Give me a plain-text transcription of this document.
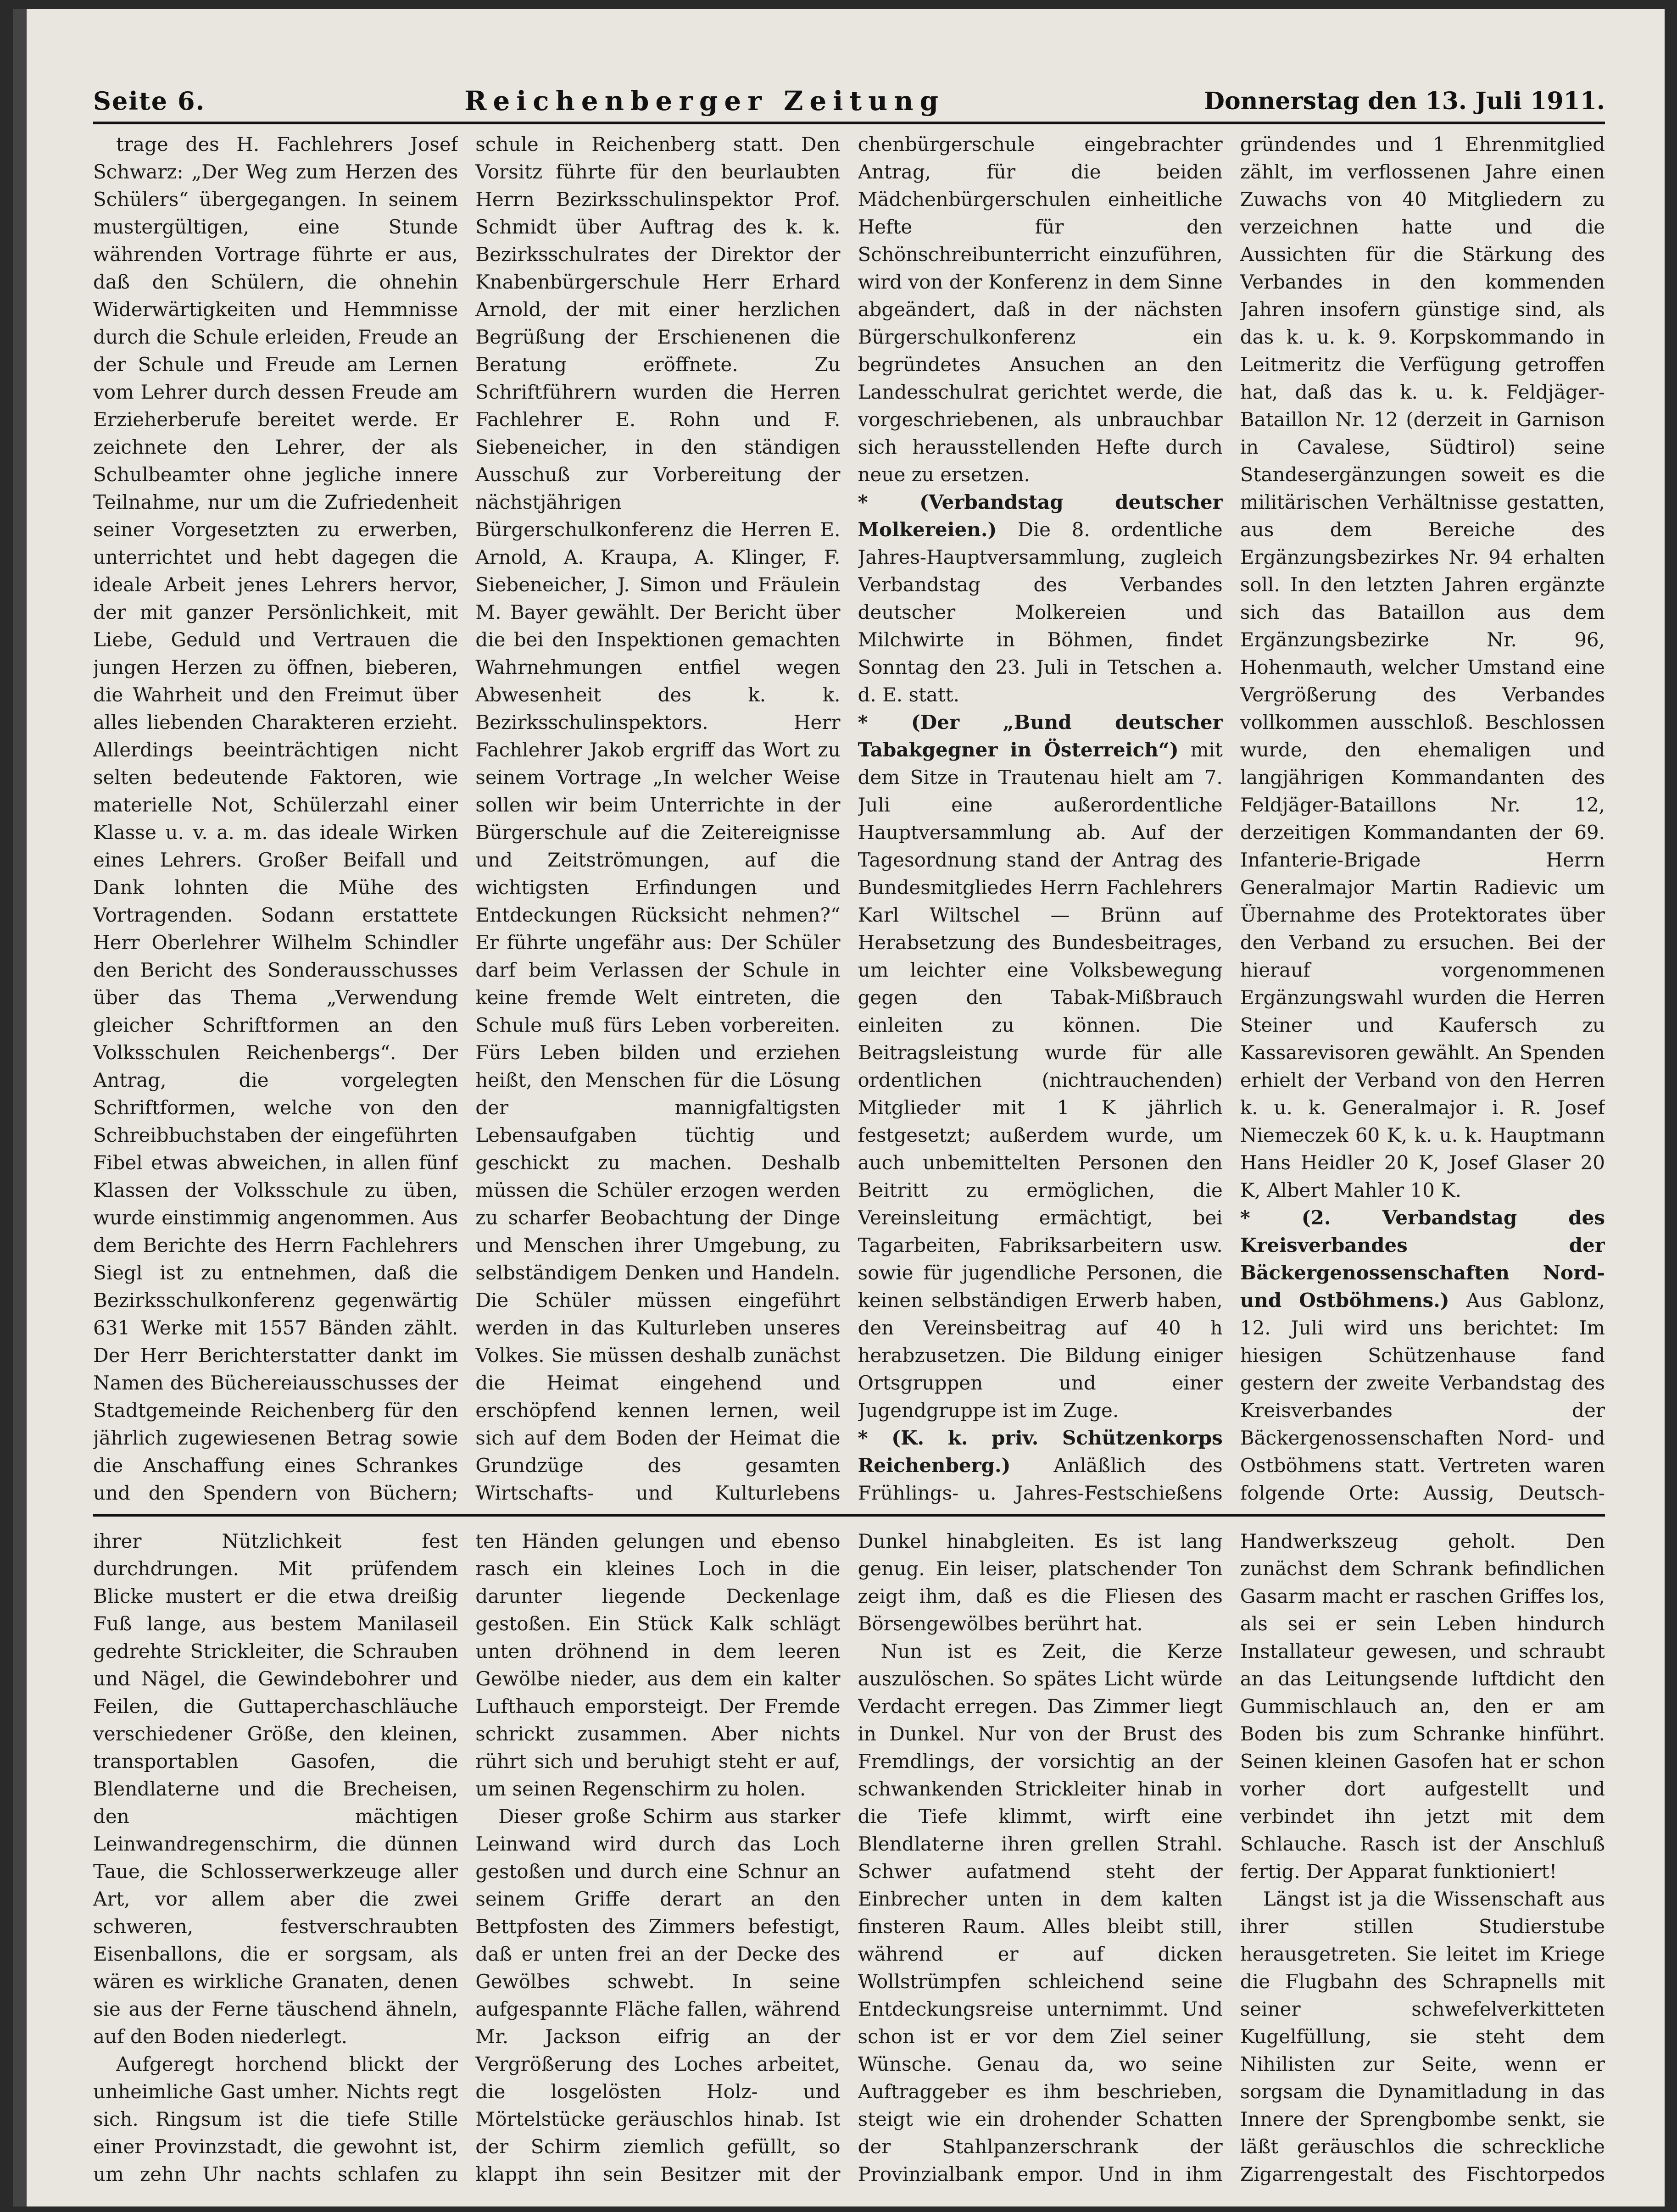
Seite 6.	Reichenberger Zeitung	Donnerstag den 13. Juli 1911.

trage des H. Fachlehrers Josef Schwarz: „Der Weg zum Herzen des Schülers“ übergegangen. In seinem mustergültigen, eine Stunde währenden Vortrage führte er aus, daß den Schülern, die ohnehin Widerwärtigkeiten und Hemmnisse durch die Schule erleiden, Freude an der Schule und Freude am Lernen vom Lehrer durch dessen Freude am Erzieherberufe bereitet werde. Er zeichnete den Lehrer, der als Schulbeamter ohne jegliche innere Teilnahme, nur um die Zufriedenheit seiner Vorgesetzten zu erwerben, unterrichtet und hebt dagegen die ideale Arbeit jenes Lehrers hervor, der mit ganzer Persönlichkeit, mit Liebe, Geduld und Vertrauen die jungen Herzen zu öffnen, bieberen, die Wahrheit und den Freimut über alles liebenden Charakteren erzieht. Allerdings beeinträchtigen nicht selten bedeutende Faktoren, wie materielle Not, Schülerzahl einer Klasse u. v. a. m. das ideale Wirken eines Lehrers. Großer Beifall und Dank lohnten die Mühe des Vortragenden. Sodann erstattete Herr Oberlehrer Wilhelm Schindler den Bericht des Sonderausschusses über das Thema „Verwendung gleicher Schriftformen an den Volksschulen Reichenbergs“. Der Antrag, die vorgelegten Schriftformen, welche von den Schreibbuchstaben der eingeführten Fibel etwas abweichen, in allen fünf Klassen der Volksschule zu üben, wurde einstimmig angenommen. Aus dem Berichte des Herrn Fachlehrers Siegl ist zu entnehmen, daß die Bezirksschulkonferenz gegenwärtig 631 Werke mit 1557 Bänden zählt. Der Herr Berichterstatter dankt im Namen des Büchereiausschusses der Stadtgemeinde Reichenberg für den jährlich zugewiesenen Betrag sowie die Anschaffung eines Schrankes und den Spendern von Büchern;

schule in Reichenberg statt. Den Vorsitz führte für den beurlaubten Herrn Bezirksschulinspektor Prof. Schmidt über Auftrag des k. k. Bezirksschulrates der Direktor der Knabenbürgerschule Herr Erhard Arnold, der mit einer herzlichen Begrüßung der Erschienenen die Beratung eröffnete. Zu Schriftführern wurden die Herren Fachlehrer E. Rohn und F. Siebeneicher, in den ständigen Ausschuß zur Vorbereitung der nächstjährigen Bürgerschulkonferenz die Herren E. Arnold, A. Kraupa, A. Klinger, F. Siebeneicher, J. Simon und Fräulein M. Bayer gewählt. Der Bericht über die bei den Inspektionen gemachten Wahrnehmungen entfiel wegen Abwesenheit des k. k. Bezirksschulinspektors. Herr Fachlehrer Jakob ergriff das Wort zu seinem Vortrage „In welcher Weise sollen wir beim Unterrichte in der Bürgerschule auf die Zeitereignisse und Zeitströmungen, auf die wichtigsten Erfindungen und Entdeckungen Rücksicht nehmen?“ Er führte ungefähr aus: Der Schüler darf beim Verlassen der Schule in keine fremde Welt eintreten, die Schule muß fürs Leben vorbereiten. Fürs Leben bilden und erziehen heißt, den Menschen für die Lösung der mannigfaltigsten Lebensaufgaben tüchtig und geschickt zu machen. Deshalb müssen die Schüler erzogen werden zu scharfer Beobachtung der Dinge und Menschen ihrer Umgebung, zu selbständigem Denken und Handeln. Die Schüler müssen eingeführt werden in das Kulturleben unseres Volkes. Sie müssen deshalb zunächst die Heimat eingehend und erschöpfend kennen lernen, weil sich auf dem Boden der Heimat die Grundzüge des gesamten Wirtschafts- und Kulturlebens

chenbürgerschule eingebrachter Antrag, für die beiden Mädchenbürgerschulen einheitliche Hefte für den Schönschreibunterricht einzuführen, wird von der Konferenz in dem Sinne abgeändert, daß in der nächsten Bürgerschulkonferenz ein begründetes Ansuchen an den Landesschulrat gerichtet werde, die vorgeschriebenen, als unbrauchbar sich herausstellenden Hefte durch neue zu ersetzen.

* (Verbandstag deutscher Molkereien.) Die 8. ordentliche Jahres-Hauptversammlung, zugleich Verbandstag des Verbandes deutscher Molkereien und Milchwirte in Böhmen, findet Sonntag den 23. Juli in Tetschen a. d. E. statt.

* (Der „Bund deutscher Tabakgegner in Österreich“) mit dem Sitze in Trautenau hielt am 7. Juli eine außerordentliche Hauptversammlung ab. Auf der Tagesordnung stand der Antrag des Bundesmitgliedes Herrn Fachlehrers Karl Wiltschel — Brünn auf Herabsetzung des Bundesbeitrages, um leichter eine Volksbewegung gegen den Tabak-Mißbrauch einleiten zu können. Die Beitragsleistung wurde für alle ordentlichen (nichtrauchenden) Mitglieder mit 1 K jährlich festgesetzt; außerdem wurde, um auch unbemittelten Personen den Beitritt zu ermöglichen, die Vereinsleitung ermächtigt, bei Tagarbeiten, Fabriksarbeitern usw. sowie für jugendliche Personen, die keinen selbständigen Erwerb haben, den Vereinsbeitrag auf 40 h herabzusetzen. Die Bildung einiger Ortsgruppen und einer Jugendgruppe ist im Zuge.

* (K. k. priv. Schützenkorps Reichenberg.) Anläßlich des Frühlings- u. Jahres-Festschießens

gründendes und 1 Ehrenmitglied zählt, im verflossenen Jahre einen Zuwachs von 40 Mitgliedern zu verzeichnen hatte und die Aussichten für die Stärkung des Verbandes in den kommenden Jahren insofern günstige sind, als das k. u. k. 9. Korpskommando in Leitmeritz die Verfügung getroffen hat, daß das k. u. k. Feldjäger-Bataillon Nr. 12 (derzeit in Garnison in Cavalese, Südtirol) seine Standesergänzungen soweit es die militärischen Verhältnisse gestatten, aus dem Bereiche des Ergänzungsbezirkes Nr. 94 erhalten soll. In den letzten Jahren ergänzte sich das Bataillon aus dem Ergänzungsbezirke Nr. 96, Hohenmauth, welcher Umstand eine Vergrößerung des Verbandes vollkommen ausschloß. Beschlossen wurde, den ehemaligen und langjährigen Kommandanten des Feldjäger-Bataillons Nr. 12, derzeitigen Kommandanten der 69. Infanterie-Brigade Herrn Generalmajor Martin Radievic um Übernahme des Protektorates über den Verband zu ersuchen. Bei der hierauf vorgenommenen Ergänzungswahl wurden die Herren Steiner und Kaufersch zu Kassarevisoren gewählt. An Spenden erhielt der Verband von den Herren k. u. k. Generalmajor i. R. Josef Niemeczek 60 K, k. u. k. Hauptmann Hans Heidler 20 K, Josef Glaser 20 K, Albert Mahler 10 K.

* (2. Verbandstag des Kreisverbandes der Bäckergenossenschaften Nord- und Ostböhmens.) Aus Gablonz, 12. Juli wird uns berichtet: Im hiesigen Schützenhause fand gestern der zweite Verbandstag des Kreisverbandes der Bäckergenossenschaften Nord- und Ostböhmens statt. Vertreten waren folgende Orte: Aussig, Deutsch-

ihrer Nützlichkeit fest durchdrungen. Mit prüfendem Blicke mustert er die etwa dreißig Fuß lange, aus bestem Manilaseil gedrehte Strickleiter, die Schrauben und Nägel, die Gewindebohrer und Feilen, die Guttaperchaschläuche verschiedener Größe, den kleinen, transportablen Gasofen, die Blendlaterne und die Brecheisen, den mächtigen Leinwandregenschirm, die dünnen Taue, die Schlosserwerkzeuge aller Art, vor allem aber die zwei schweren, festverschraubten Eisenballons, die er sorgsam, als wären es wirkliche Granaten, denen sie aus der Ferne täuschend ähneln, auf den Boden niederlegt.

Aufgeregt horchend blickt der unheimliche Gast umher. Nichts regt sich. Ringsum ist die tiefe Stille einer Provinzstadt, die gewohnt ist, um zehn Uhr nachts schlafen zu

ten Händen gelungen und ebenso rasch ein kleines Loch in die darunter liegende Deckenlage gestoßen. Ein Stück Kalk schlägt unten dröhnend in dem leeren Gewölbe nieder, aus dem ein kalter Lufthauch emporsteigt. Der Fremde schrickt zusammen. Aber nichts rührt sich und beruhigt steht er auf, um seinen Regenschirm zu holen.

Dieser große Schirm aus starker Leinwand wird durch das Loch gestoßen und durch eine Schnur an seinem Griffe derart an den Bettpfosten des Zimmers befestigt, daß er unten frei an der Decke des Gewölbes schwebt. In seine aufgespannte Fläche fallen, während Mr. Jackson eifrig an der Vergrößerung des Loches arbeitet, die losgelösten Holz- und Mörtelstücke geräuschlos hinab. Ist der Schirm ziemlich gefüllt, so klappt ihn sein Besitzer mit der

Dunkel hinabgleiten. Es ist lang genug. Ein leiser, platschender Ton zeigt ihm, daß es die Fliesen des Börsengewölbes berührt hat.

Nun ist es Zeit, die Kerze auszulöschen. So spätes Licht würde Verdacht erregen. Das Zimmer liegt in Dunkel. Nur von der Brust des Fremdlings, der vorsichtig an der schwankenden Strickleiter hinab in die Tiefe klimmt, wirft eine Blendlaterne ihren grellen Strahl. Schwer aufatmend steht der Einbrecher unten in dem kalten finsteren Raum. Alles bleibt still, während er auf dicken Wollstrümpfen schleichend seine Entdeckungsreise unternimmt. Und schon ist er vor dem Ziel seiner Wünsche. Genau da, wo seine Auftraggeber es ihm beschrieben, steigt wie ein drohender Schatten der Stahlpanzerschrank der Provinzialbank empor. Und in ihm

Handwerkszeug geholt. Den zunächst dem Schrank befindlichen Gasarm macht er raschen Griffes los, als sei er sein Leben hindurch Installateur gewesen, und schraubt an das Leitungsende luftdicht den Gummischlauch an, den er am Boden bis zum Schranke hinführt. Seinen kleinen Gasofen hat er schon vorher dort aufgestellt und verbindet ihn jetzt mit dem Schlauche. Rasch ist der Anschluß fertig. Der Apparat funktioniert!

Längst ist ja die Wissenschaft aus ihrer stillen Studierstube herausgetreten. Sie leitet im Kriege die Flugbahn des Schrapnells mit seiner schwefelverkitteten Kugelfüllung, sie steht dem Nihilisten zur Seite, wenn er sorgsam die Dynamitladung in das Innere der Sprengbombe senkt, sie läßt geräuschlos die schreckliche Zigarrengestalt des Fischtorpedos
